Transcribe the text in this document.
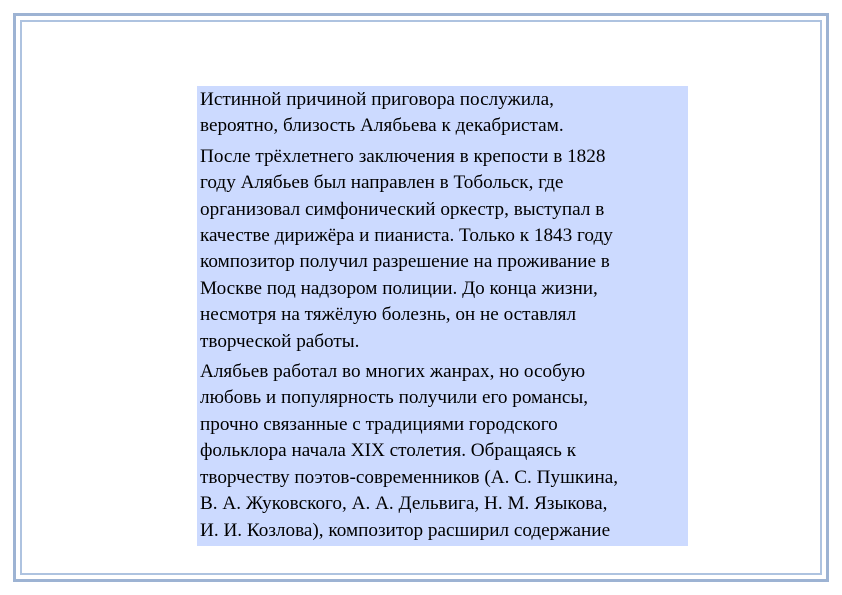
Истинной причиной приговора послужила,
вероятно, близость Алябьева к декабристам.

После трёхлетнего заключения в крепости в 1828
году Алябьев был направлен в Тобольск, где
организовал симфонический оркестр, выступал в
качестве дирижёра и пианиста. Только к 1843 году
композитор получил разрешение на проживание в
Москве под надзором полиции. До конца жизни,
несмотря на тяжёлую болезнь, он не оставлял
творческой работы.

Алябьев работал во многих жанрах, но особую
любовь и популярность получили его романсы,
прочно связанные с традициями городского
фольклора начала XIX столетия. Обращаясь к
творчеству поэтов-современников (А. С. Пушкина,
В. А. Жуковского, А. А. Дельвига, Н. М. Языкова,
И. И. Козлова), композитор расширил содержание
